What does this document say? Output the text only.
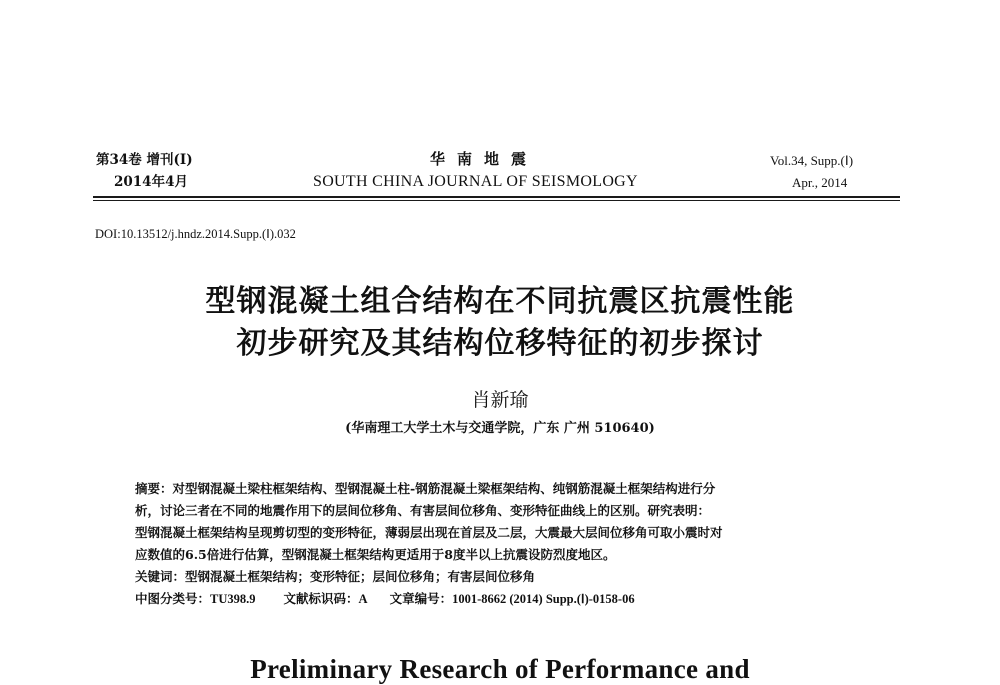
第34卷 增刊(Ⅰ)
2014年4月
华南地震
SOUTH CHINA JOURNAL OF SEISMOLOGY
Vol.34, Supp.(Ⅰ)
Apr., 2014
DOI:10.13512/j.hndz.2014.Supp.(Ⅰ).032
型钢混凝土组合结构在不同抗震区抗震性能
初步研究及其结构位移特征的初步探讨
肖新瑜
(华南理工大学土木与交通学院，广东 广州 510640)
摘要：对型钢混凝土梁柱框架结构、型钢混凝土柱-钢筋混凝土梁框架结构、纯钢筋混凝土框架结构进行分
析，讨论三者在不同的地震作用下的层间位移角、有害层间位移角、变形特征曲线上的区别。研究表明：
型钢混凝土框架结构呈现剪切型的变形特征，薄弱层出现在首层及二层，大震最大层间位移角可取小震时对
应数值的6.5倍进行估算，型钢混凝土框架结构更适用于8度半以上抗震设防烈度地区。
关键词：型钢混凝土框架结构；变形特征；层间位移角；有害层间位移角
中图分类号：TU398.9 文献标识码：A 文章编号：1001-8662 (2014) Supp.(Ⅰ)-0158-06
Preliminary Research of Performance and
